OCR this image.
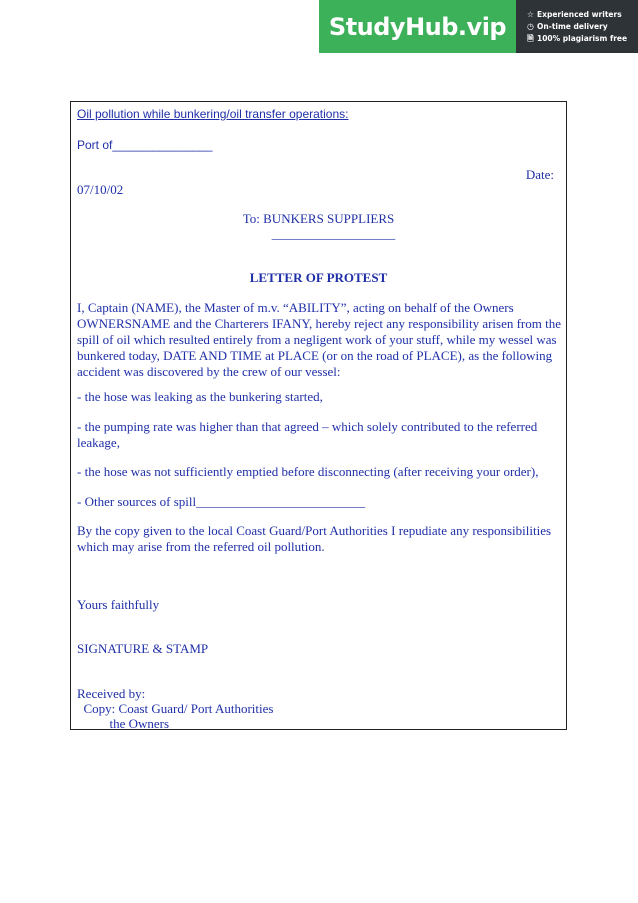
StudyHub.vip	☆ Experienced writers
◷ On-time delivery
🗎 100% plagiarism free
Oil pollution while bunkering/oil transfer operations:
Port of_______________
Date:
07/10/02
To: BUNKERS SUPPLIERS
___________________
LETTER OF PROTEST
I, Captain (NAME), the Master of m.v. “ABILITY”, acting on behalf of the Owners OWNERSNAME and the Charterers IFANY, hereby reject any responsibility arisen from the spill of oil which resulted entirely from a negligent work of your stuff, while my wessel was bunkered today, DATE AND TIME at PLACE (or on the road of PLACE), as the following accident was discovered by the crew of our vessel:
- the hose was leaking as the bunkering started,
- the pumping rate was higher than that agreed – which solely contributed to the referred leakage,
- the hose was not sufficiently emptied before disconnecting (after receiving your order),
- Other sources of spill__________________________
By the copy given to the local Coast Guard/Port Authorities I repudiate any responsibilities which may arise from the referred oil pollution.
Yours faithfully
SIGNATURE & STAMP
Received by:
Copy: Coast Guard/ Port Authorities
the Owners
